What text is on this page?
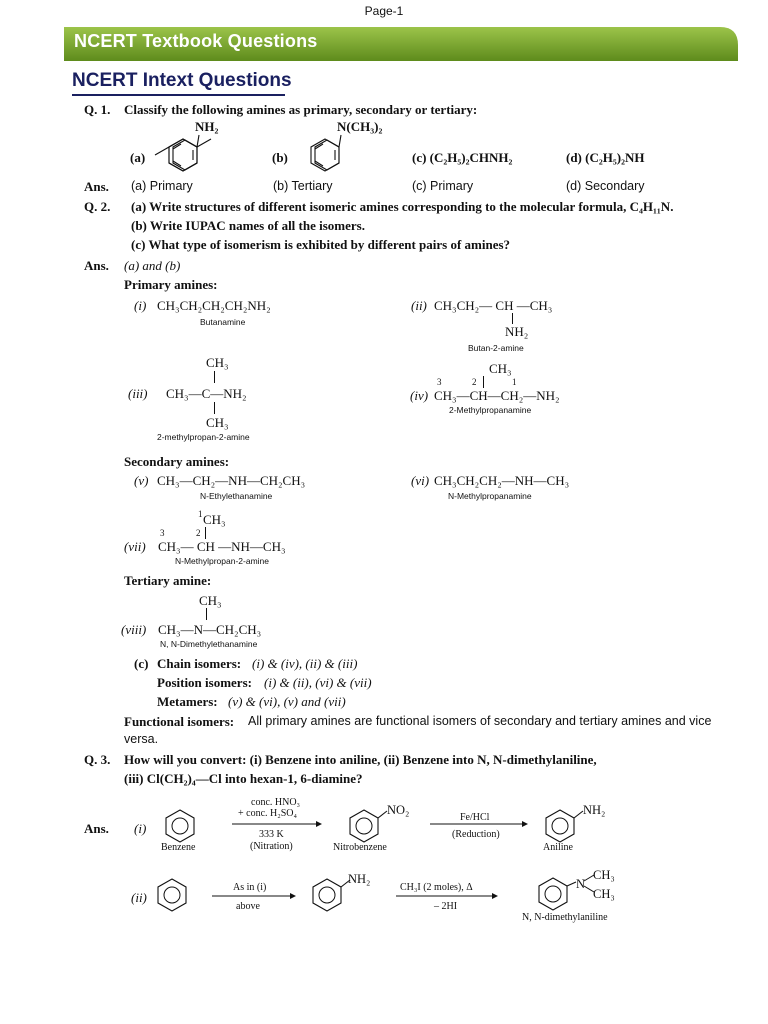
Page-1
NCERT Textbook Questions
NCERT Intext Questions
Q. 1. Classify the following amines as primary, secondary or tertiary:
(a)
NH₂
(b)
N(CH₃)₂
(c) (C₂H₅)₂CHNH₂	(d) (C₂H₅)₂NH
Ans. (a) Primary	(b) Tertiary	(c) Primary	(d) Secondary
Q. 2. (a) Write structures of different isomeric amines corresponding to the molecular formula, C₄H₁₁N.
(b) Write IUPAC names of all the isomers.
(c) What type of isomerism is exhibited by different pairs of amines?
Ans. (a) and (b)
Primary amines:
(i) CH₃CH₂CH₂CH₂NH₂
Butanamine
(ii) CH₃CH₂— CH —CH₃
NH₂
Butan-2-amine
CH₃
(iii) CH₃—C—NH₂
CH₃
2-methylpropan-2-amine
CH₃
3	2	1
(iv) CH₃—CH—CH₂—NH₂
2-Methylpropanamine
Secondary amines:
(v) CH₃—CH₂—NH—CH₂CH₃
N-Ethylethanamine
(vi) CH₃CH₂CH₂—NH—CH₃
N-Methylpropanamine
1 CH₃
3	2
(vii) CH₃— CH —NH—CH₃
N-Methylpropan-2-amine
Tertiary amine:
CH₃
(viii) CH₃—N—CH₂CH₃
N, N-Dimethylethanamine
(c) Chain isomers: (i) & (iv), (ii) & (iii)
Position isomers: (i) & (ii), (vi) & (vii)
Metamers: (v) & (vi), (v) and (vii)
Functional isomers: All primary amines are functional isomers of secondary and tertiary amines and vice
versa.
Q. 3. How will you convert: (i) Benzene into aniline, (ii) Benzene into N, N-dimethylaniline,
(iii) Cl(CH₂)₄—Cl into hexan-1, 6-diamine?
Ans. (i)
Benzene
conc. HNO₃
+ conc. H₂SO₄
333 K
(Nitration)
NO₂
Nitrobenzene
Fe/HCl
(Reduction)
NH₂
Aniline
(ii)
As in (i)
above
NH₂
CH₃I (2 moles), Δ
– 2HI
CH₃
N
CH₃
N, N-dimethylaniline
